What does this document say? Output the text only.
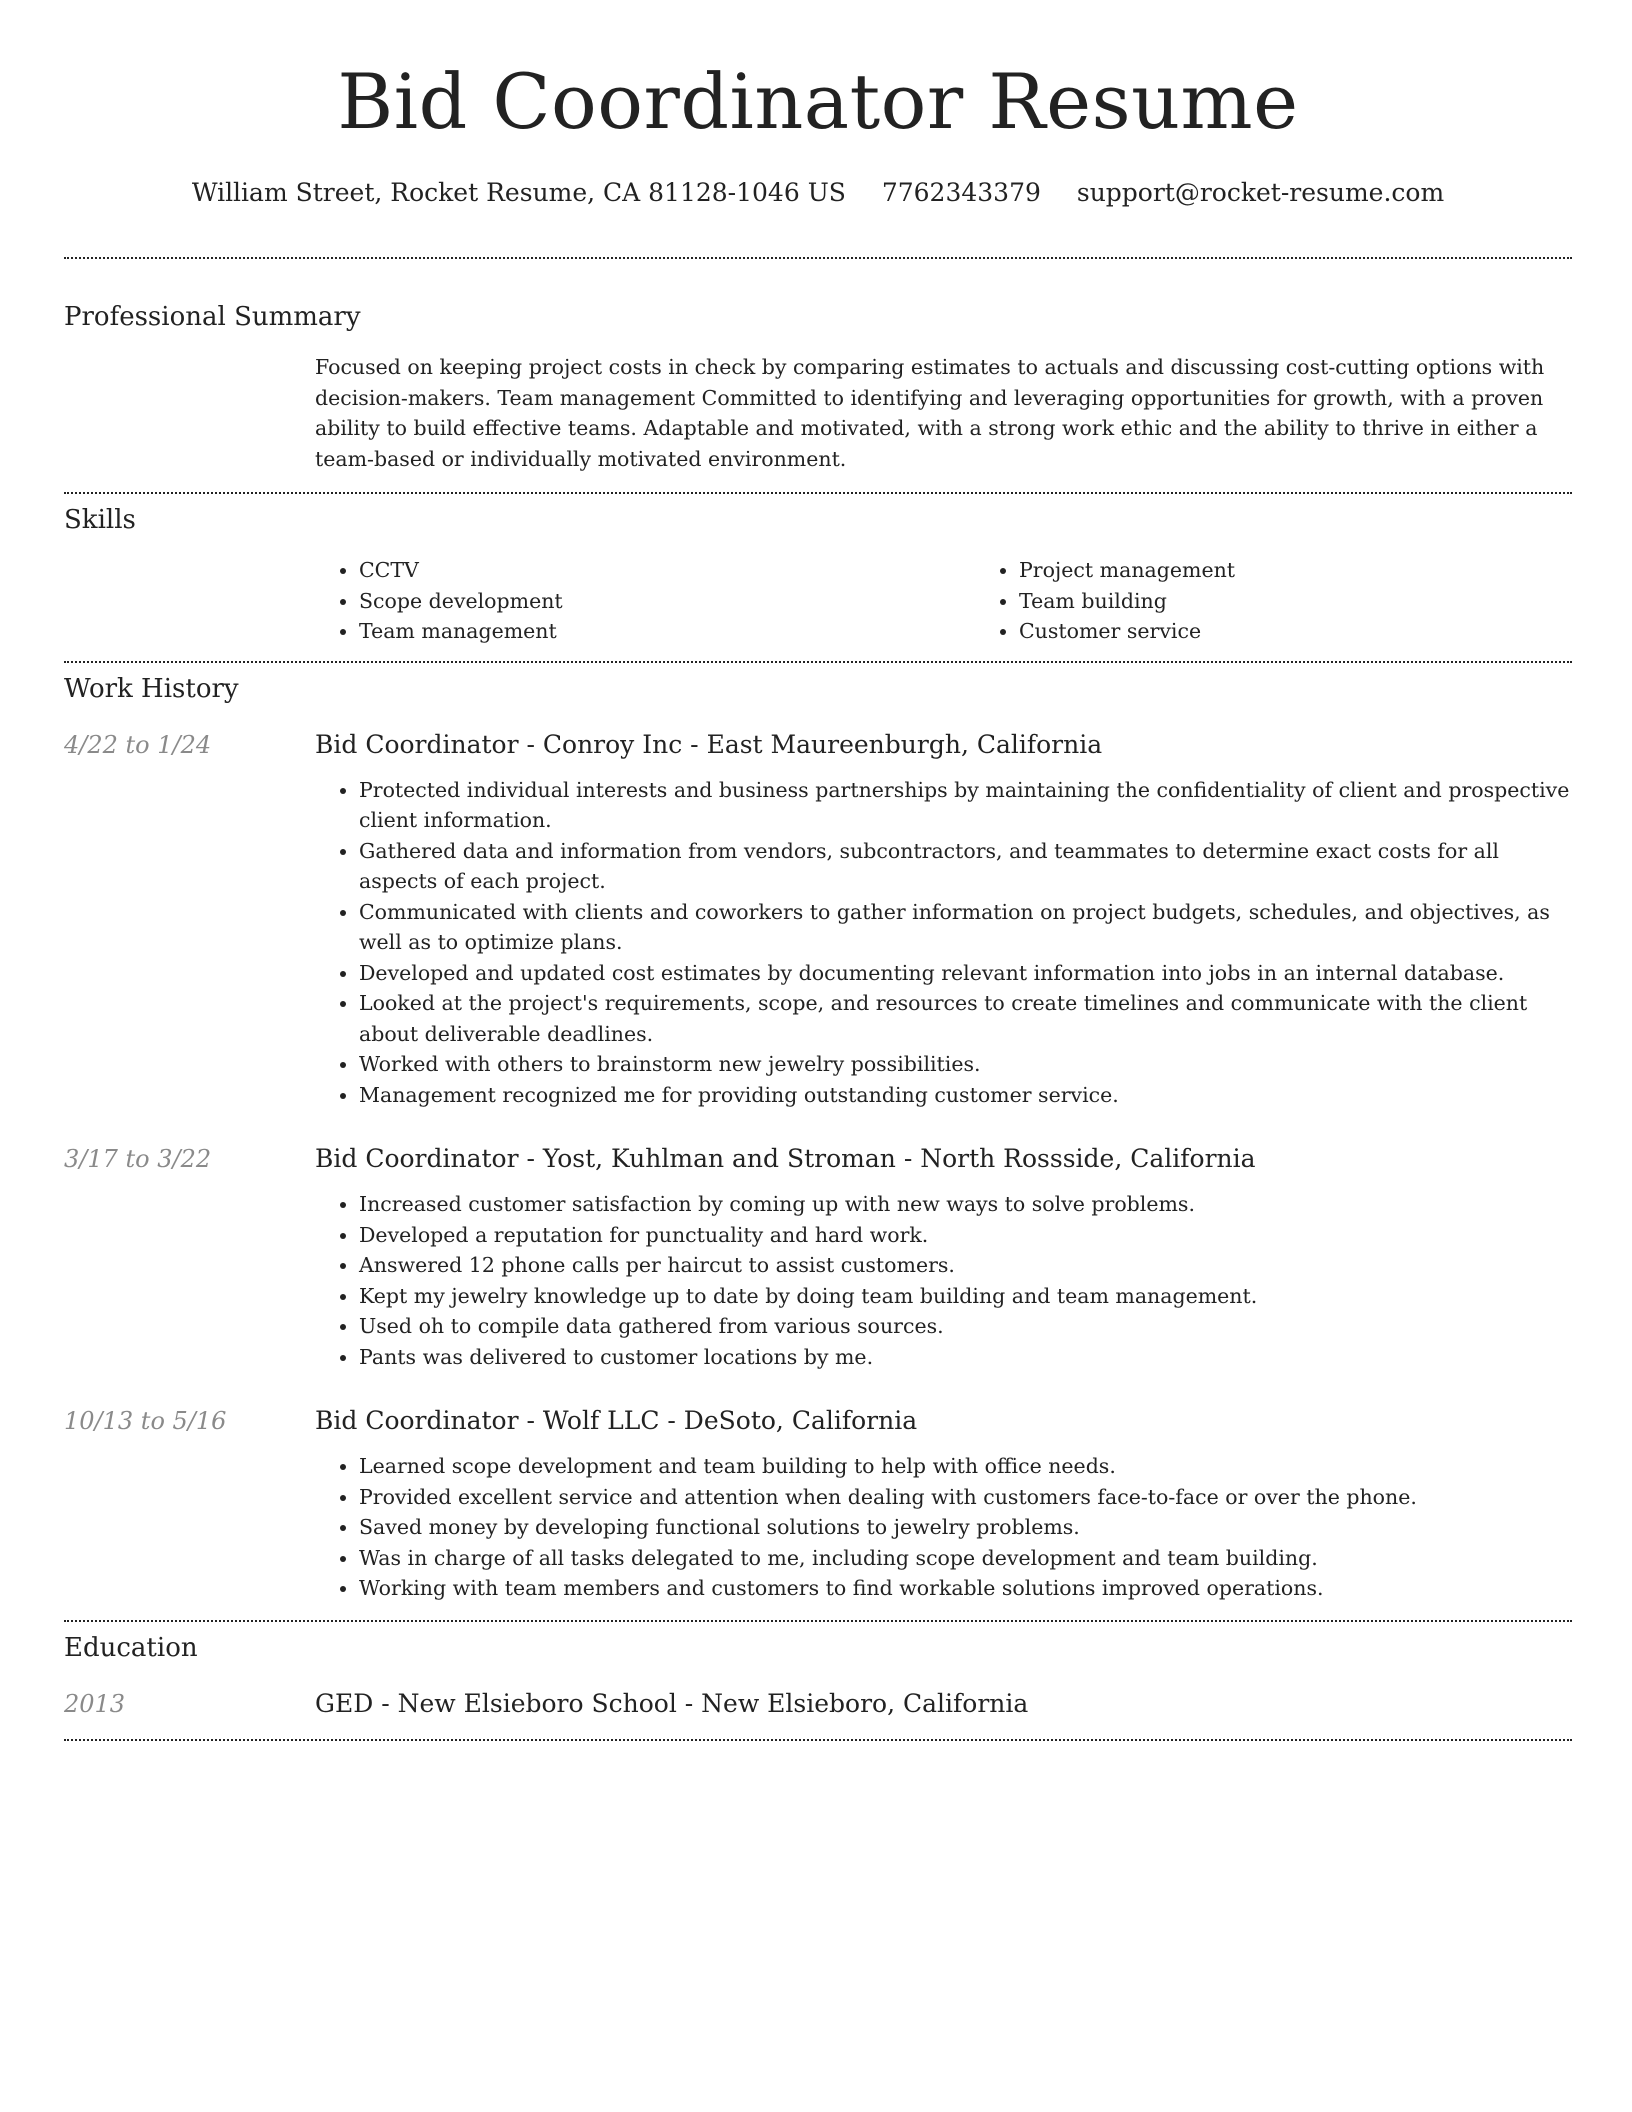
Bid Coordinator Resume
William Street, Rocket Resume, CA 81128-1046 US 7762343379 support@rocket-resume.com
Professional Summary

Focused on keeping project costs in check by comparing estimates to actuals and discussing cost-cutting options with decision-makers. Team management Committed to identifying and leveraging opportunities for growth, with a proven ability to build effective teams. Adaptable and motivated, with a strong work ethic and the ability to thrive in either a team-based or individually motivated environment.

Skills
• CCTV
• Scope development
• Team management
• Project management
• Team building
• Customer service
Work History
4/22 to 1/24	Bid Coordinator - Conroy Inc - East Maureenburgh, California
• Protected individual interests and business partnerships by maintaining the confidentiality of client and prospective client information.
• Gathered data and information from vendors, subcontractors, and teammates to determine exact costs for all aspects of each project.
• Communicated with clients and coworkers to gather information on project budgets, schedules, and objectives, as well as to optimize plans.
• Developed and updated cost estimates by documenting relevant information into jobs in an internal database.
• Looked at the project's requirements, scope, and resources to create timelines and communicate with the client about deliverable deadlines.
• Worked with others to brainstorm new jewelry possibilities.
• Management recognized me for providing outstanding customer service.
3/17 to 3/22	Bid Coordinator - Yost, Kuhlman and Stroman - North Rossside, California
• Increased customer satisfaction by coming up with new ways to solve problems.
• Developed a reputation for punctuality and hard work.
• Answered 12 phone calls per haircut to assist customers.
• Kept my jewelry knowledge up to date by doing team building and team management.
• Used oh to compile data gathered from various sources.
• Pants was delivered to customer locations by me.
10/13 to 5/16	Bid Coordinator - Wolf LLC - DeSoto, California
• Learned scope development and team building to help with office needs.
• Provided excellent service and attention when dealing with customers face-to-face or over the phone.
• Saved money by developing functional solutions to jewelry problems.
• Was in charge of all tasks delegated to me, including scope development and team building.
• Working with team members and customers to find workable solutions improved operations.
Education
2013	GED - New Elsieboro School - New Elsieboro, California
